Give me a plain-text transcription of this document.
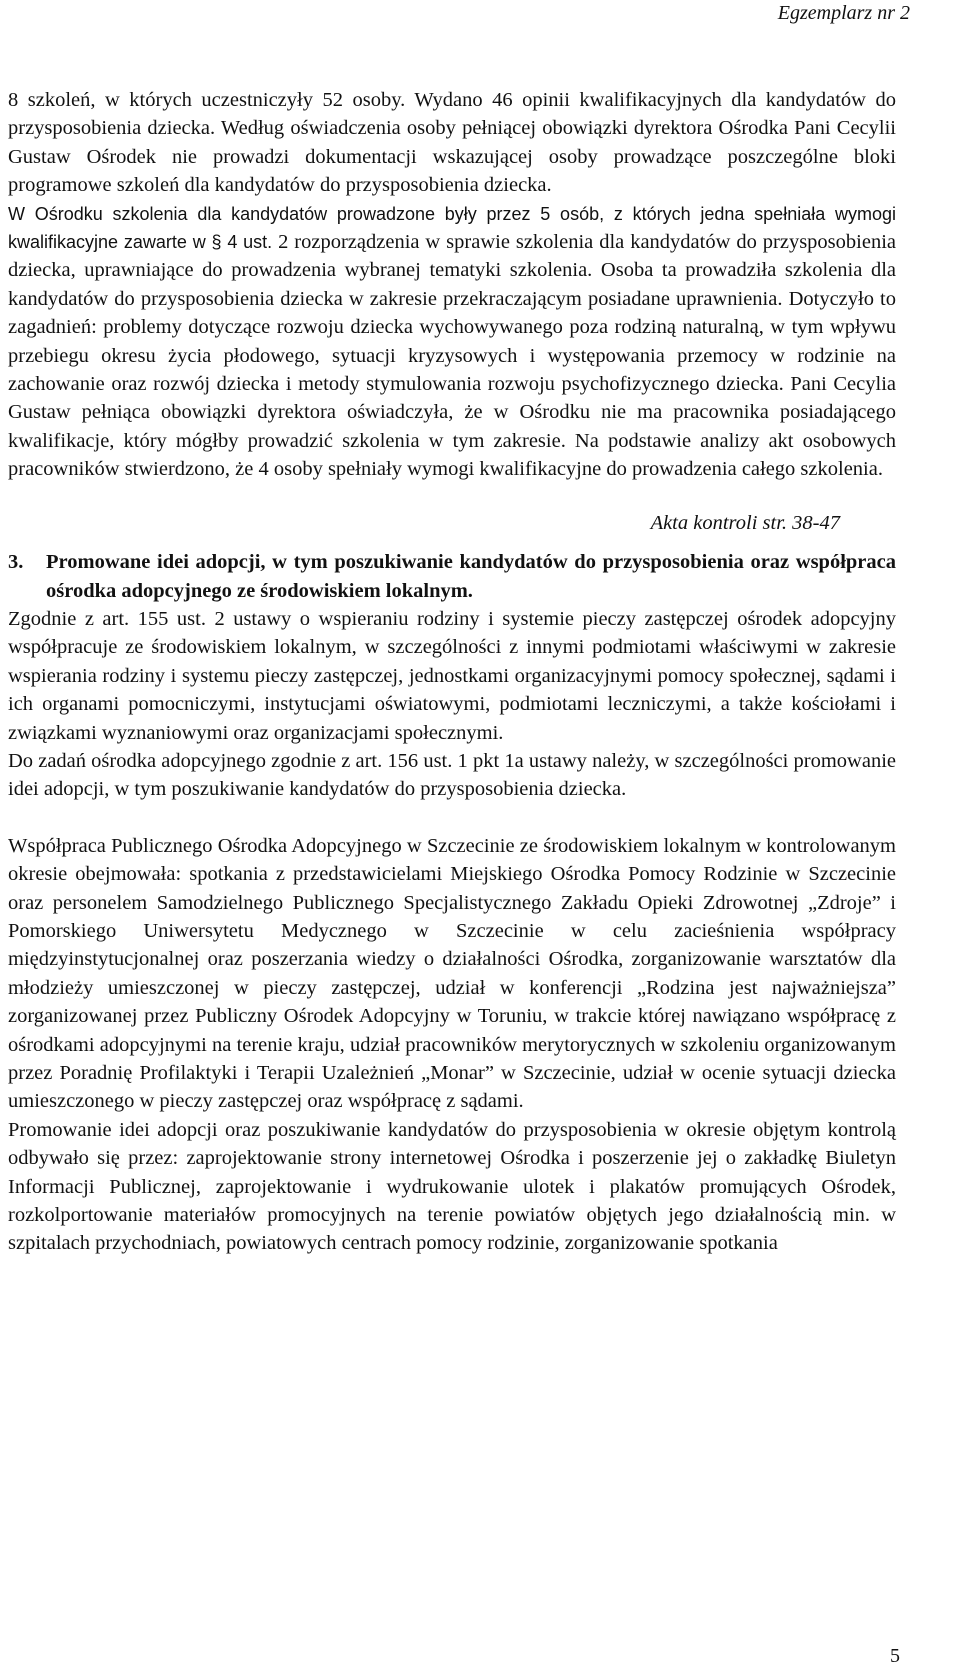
Egzemplarz nr 2

8 szkoleń, w których uczestniczyły 52 osoby. Wydano 46 opinii kwalifikacyjnych dla kandydatów do przysposobienia dziecka. Według oświadczenia osoby pełniącej obowiązki dyrektora Ośrodka Pani Cecylii Gustaw Ośrodek nie prowadzi dokumentacji wskazującej osoby prowadzące poszczególne bloki programowe szkoleń dla kandydatów do przysposobienia dziecka.

W Ośrodku szkolenia dla kandydatów prowadzone były przez 5 osób, z których jedna spełniała wymogi kwalifikacyjne zawarte w § 4 ust. 2 rozporządzenia w sprawie szkolenia dla kandydatów do przysposobienia dziecka, uprawniające do prowadzenia wybranej tematyki szkolenia. Osoba ta prowadziła szkolenia dla kandydatów do przysposobienia dziecka w zakresie przekraczającym posiadane uprawnienia. Dotyczyło to zagadnień: problemy dotyczące rozwoju dziecka wychowywanego poza rodziną naturalną, w tym wpływu przebiegu okresu życia płodowego, sytuacji kryzysowych i występowania przemocy w rodzinie na zachowanie oraz rozwój dziecka i metody stymulowania rozwoju psychofizycznego dziecka. Pani Cecylia Gustaw pełniąca obowiązki dyrektora oświadczyła, że w Ośrodku nie ma pracownika posiadającego kwalifikacje, który mógłby prowadzić szkolenia w tym zakresie. Na podstawie analizy akt osobowych pracowników stwierdzono, że 4 osoby spełniały wymogi kwalifikacyjne do prowadzenia całego szkolenia.

Akta kontroli str. 38-47
3.	Promowane idei adopcji, w tym poszukiwanie kandydatów do przysposobienia oraz współpraca ośrodka adopcyjnego ze środowiskiem lokalnym.

Zgodnie z art. 155 ust. 2 ustawy o wspieraniu rodziny i systemie pieczy zastępczej ośrodek adopcyjny współpracuje ze środowiskiem lokalnym, w szczególności z innymi podmiotami właściwymi w zakresie wspierania rodziny i systemu pieczy zastępczej, jednostkami organizacyjnymi pomocy społecznej, sądami i ich organami pomocniczymi, instytucjami oświatowymi, podmiotami leczniczymi, a także kościołami i związkami wyznaniowymi oraz organizacjami społecznymi.

Do zadań ośrodka adopcyjnego zgodnie z art. 156 ust. 1 pkt 1a ustawy należy, w szczególności promowanie idei adopcji, w tym poszukiwanie kandydatów do przysposobienia dziecka.

Współpraca Publicznego Ośrodka Adopcyjnego w Szczecinie ze środowiskiem lokalnym w kontrolowanym okresie obejmowała: spotkania z przedstawicielami Miejskiego Ośrodka Pomocy Rodzinie w Szczecinie oraz personelem Samodzielnego Publicznego Specjalistycznego Zakładu Opieki Zdrowotnej „Zdroje” i Pomorskiego Uniwersytetu Medycznego w Szczecinie w celu zacieśnienia współpracy międzyinstytucjonalnej oraz poszerzania wiedzy o działalności Ośrodka, zorganizowanie warsztatów dla młodzieży umieszczonej w pieczy zastępczej, udział w konferencji „Rodzina jest najważniejsza” zorganizowanej przez Publiczny Ośrodek Adopcyjny w Toruniu, w trakcie której nawiązano współpracę z ośrodkami adopcyjnymi na terenie kraju, udział pracowników merytorycznych w szkoleniu organizowanym przez Poradnię Profilaktyki i Terapii Uzależnień „Monar” w Szczecinie, udział w ocenie sytuacji dziecka umieszczonego w pieczy zastępczej oraz współpracę z sądami.

Promowanie idei adopcji oraz poszukiwanie kandydatów do przysposobienia w okresie objętym kontrolą odbywało się przez: zaprojektowanie strony internetowej Ośrodka i poszerzenie jej o zakładkę Biuletyn Informacji Publicznej, zaprojektowanie i wydrukowanie ulotek i plakatów promujących Ośrodek, rozkolportowanie materiałów promocyjnych na terenie powiatów objętych jego działalnością min. w szpitalach przychodniach, powiatowych centrach pomocy rodzinie, zorganizowanie spotkania

5
